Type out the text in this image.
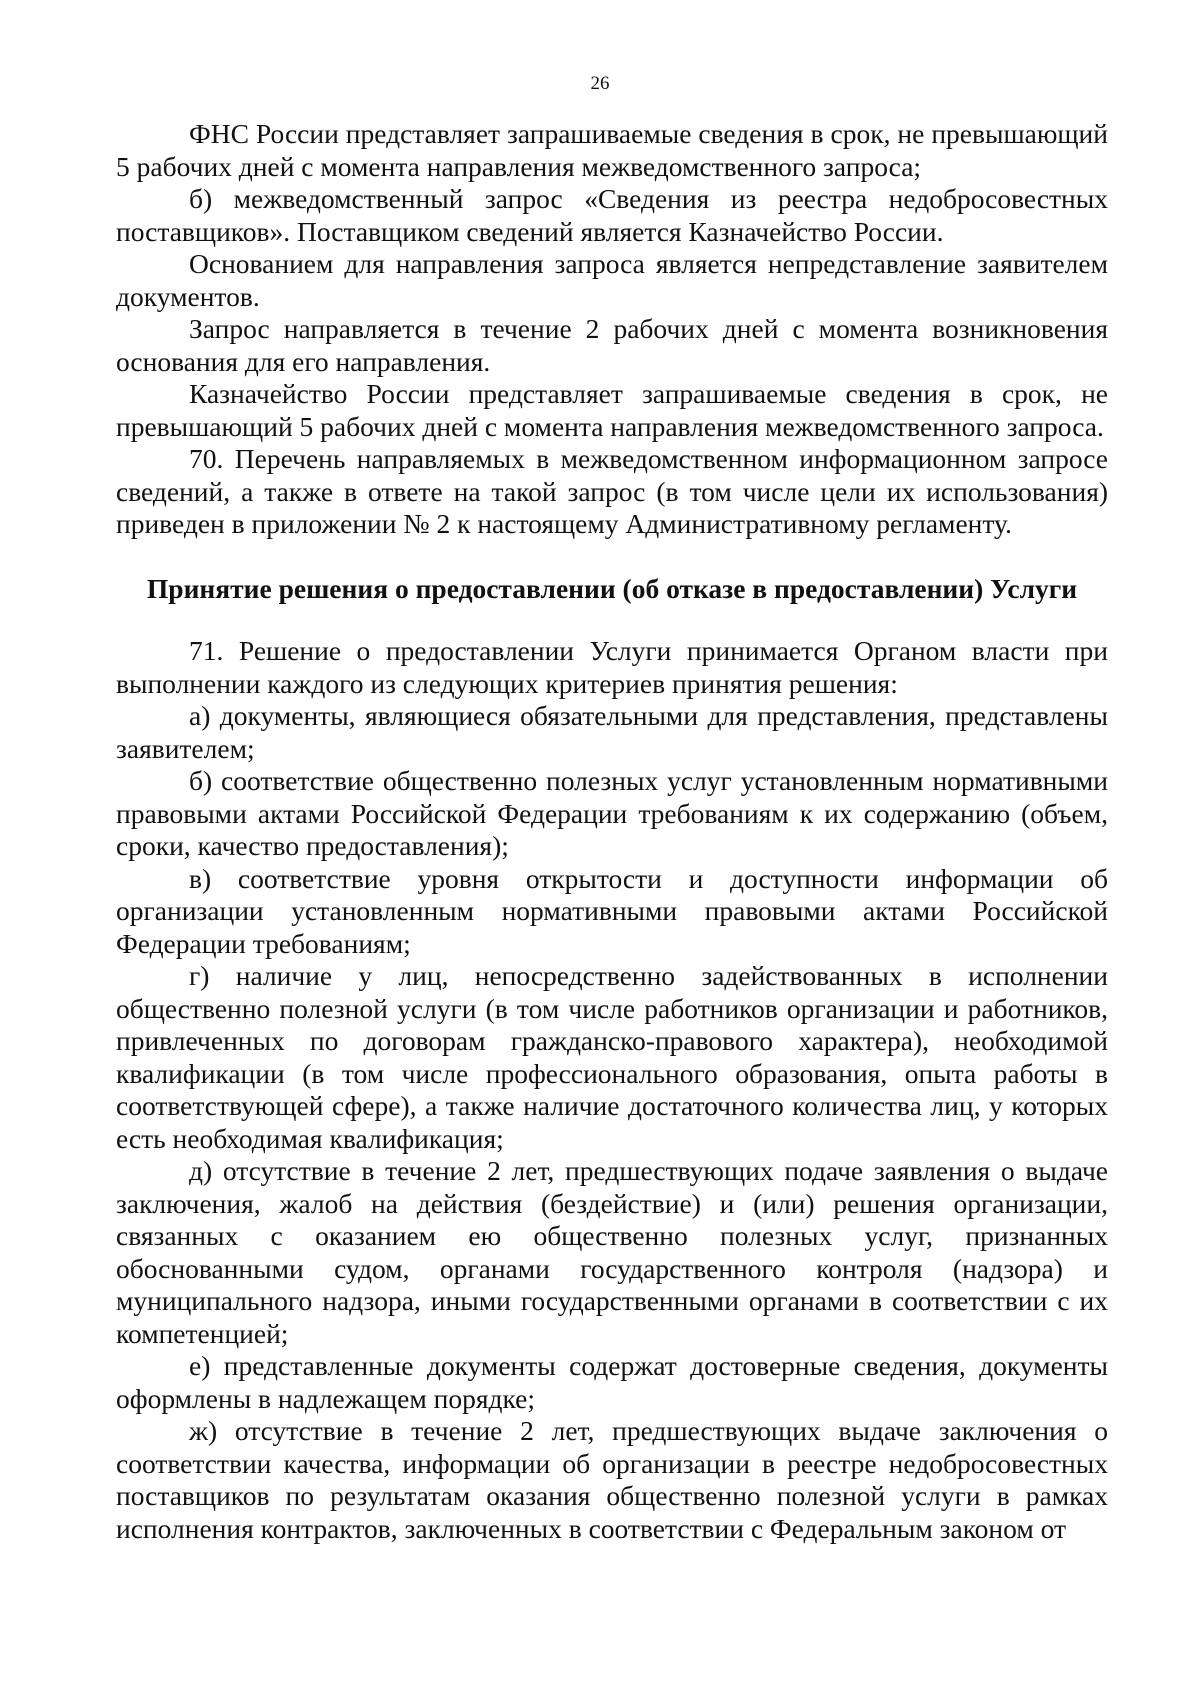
26

ФНС России представляет запрашиваемые сведения в срок, не превышающий 5 рабочих дней с момента направления межведомственного запроса;

б) межведомственный запрос «Сведения из реестра недобросовестных поставщиков». Поставщиком сведений является Казначейство России.

Основанием для направления запроса является непредставление заявителем документов.

Запрос направляется в течение 2 рабочих дней с момента возникновения основания для его направления.

Казначейство России представляет запрашиваемые сведения в срок, не превышающий 5 рабочих дней с момента направления межведомственного запроса.

70. Перечень направляемых в межведомственном информационном запросе сведений, а также в ответе на такой запрос (в том числе цели их использования) приведен в приложении № 2 к настоящему Административному регламенту.

Принятие решения о предоставлении (об отказе в предоставлении) Услуги

71. Решение о предоставлении Услуги принимается Органом власти при выполнении каждого из следующих критериев принятия решения:

а) документы, являющиеся обязательными для представления, представлены заявителем;

б) соответствие общественно полезных услуг установленным нормативными правовыми актами Российской Федерации требованиям к их содержанию (объем, сроки, качество предоставления);

в) соответствие уровня открытости и доступности информации об организации установленным нормативными правовыми актами Российской Федерации требованиям;

г) наличие у лиц, непосредственно задействованных в исполнении общественно полезной услуги (в том числе работников организации и работников, привлеченных по договорам гражданско-правового характера), необходимой квалификации (в том числе профессионального образования, опыта работы в соответствующей сфере), а также наличие достаточного количества лиц, у которых есть необходимая квалификация;

д) отсутствие в течение 2 лет, предшествующих подаче заявления о выдаче заключения, жалоб на действия (бездействие) и (или) решения организации, связанных с оказанием ею общественно полезных услуг, признанных обоснованными судом, органами государственного контроля (надзора) и муниципального надзора, иными государственными органами в соответствии с их компетенцией;

е) представленные документы содержат достоверные сведения, документы оформлены в надлежащем порядке;

ж) отсутствие в течение 2 лет, предшествующих выдаче заключения о соответствии качества, информации об организации в реестре недобросовестных поставщиков по результатам оказания общественно полезной услуги в рамках исполнения контрактов, заключенных в соответствии с Федеральным законом от
